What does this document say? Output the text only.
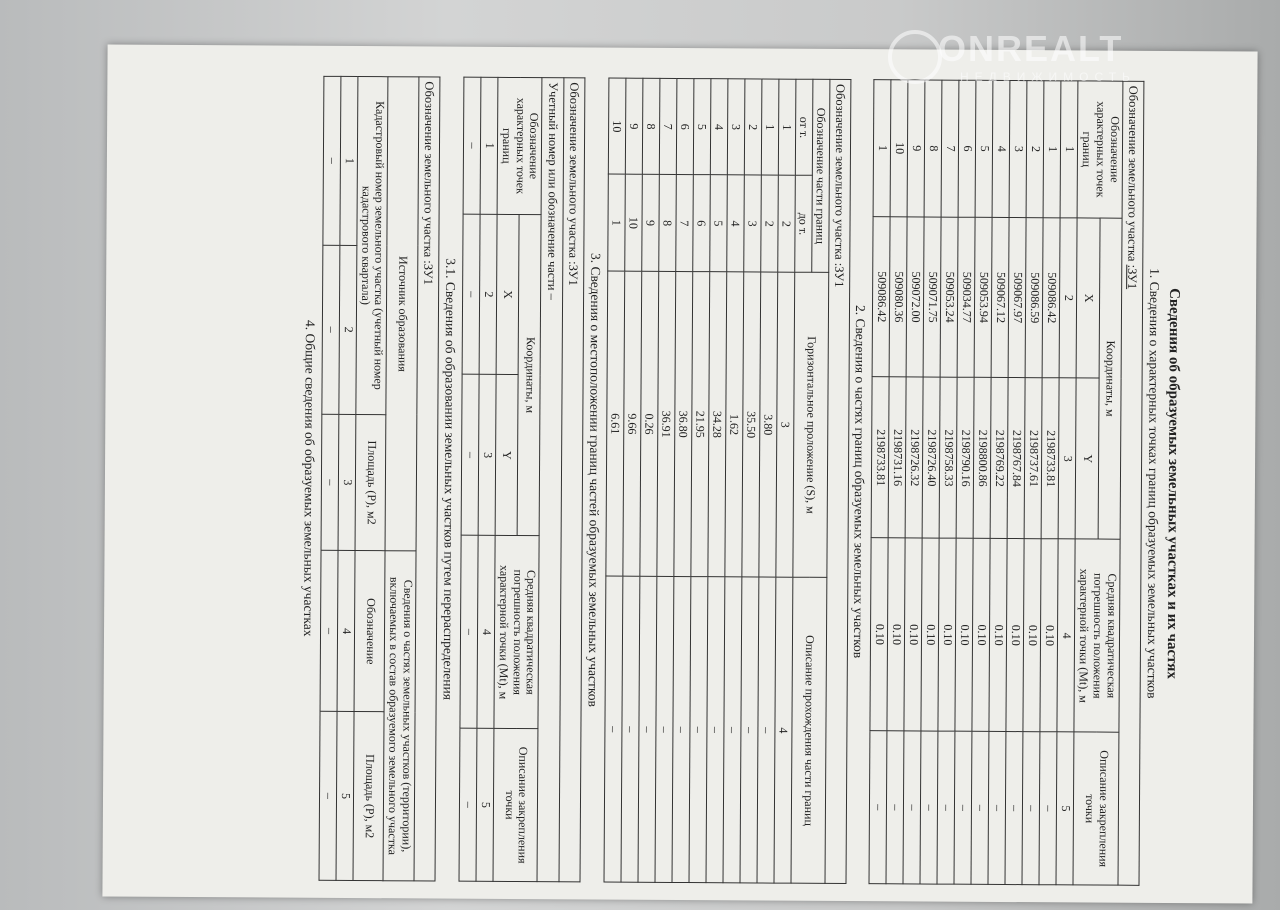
Сведения об образуемых земельных участках и их частях
1. Сведения о характерных точках границ образуемых земельных участков
Обозначение земельного участка :ЗУ1
Обозначение характерных точек границ	Координаты, м		Средняя квадратическая погрешность положения характерной точки (Mt), м	Описание закрепления точки
	X	Y		
1	2	3	4	5
1	509086.42	2198733.81	0.10	–
2	509086.59	2198737.61	0.10	–
3	509067.97	2198767.84	0.10	–
4	509067.12	2198769.22	0.10	–
5	509053.94	2198800.86	0.10	–
6	509034.77	2198790.16	0.10	–
7	509053.24	2198758.33	0.10	–
8	509071.75	2198726.40	0.10	–
9	509072.00	2198726.32	0.10	–
10	509080.36	2198731.16	0.10	–
1	509086.42	2198733.81	0.10	–
2. Сведения о частях границ образуемых земельных участков
Обозначение земельного участка :ЗУ1
Обозначение части границ		Горизонтальное проложение (S), м	Описание прохождения части границ
от т.	до т.		
1	2	3	4
1	2	3.80	–
2	3	35.50	–
3	4	1.62	–
4	5	34.28	–
5	6	21.95	–
6	7	36.80	–
7	8	36.91	–
8	9	0.26	–
9	10	9.66	–
10	1	6.61	–
3. Сведения о местоположении границ частей образуемых земельных участков
Обозначение земельного участка :ЗУ1
Учетный номер или обозначение части –
Обозначение характерных точек границ	Координаты, м		Средняя квадратическая погрешность положения характерной точки (Mt), м	Описание закрепления точки
	X	Y		
1	2	3	4	5
–	–	–	–	–
3.1. Сведения об образовании земельных участков путем перераспределения
Обозначение земельного участка :ЗУ1
Источник образования			Сведения о частях земельных участков (территории), включаемых в состав образуемого земельного участка	
Кадастровый номер земельного участка (учетный номер кадастрового квартала)		Площадь (P), м2	Обозначение	Площадь (P), м2
1	2	3	4	5
–	–	–	–	–
4. Общие сведения об образуемых земельных участках
ONREALT
НЕДВИЖИМОСТЬ
